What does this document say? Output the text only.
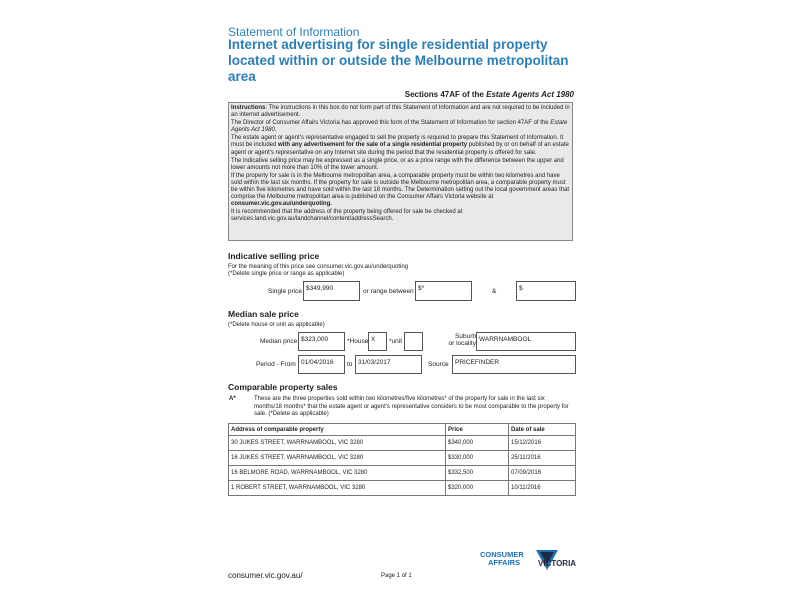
Statement of Information
Internet advertising for single residential property located within or outside the Melbourne metropolitan area
Sections 47AF of the Estate Agents Act 1980

Instructions: The instructions in this box do not form part of this Statement of Information and are not required to be included in an internet advertisement.

The Director of Consumer Affairs Victoria has approved this form of the Statement of Information for section 47AF of the Estate Agents Act 1980.

The estate agent or agent's representative engaged to sell the property is required to prepare this Statement of Information. It must be included with any advertisement for the sale of a single residential property published by or on behalf of an estate agent or agent's representative on any Internet site during the period that the residential property is offered for sale.

The indicative selling price may be expressed as a single price, or as a price range with the difference between the upper and lower amounts not more than 10% of the lower amount.

If the property for sale is in the Melbourne metropolitan area, a comparable property must be within two kilometres and have sold within the last six months. If the property for sale is outside the Melbourne metropolitan area, a comparable property must be within five kilometres and have sold within the last 18 months. The Determination setting out the local government areas that comprise the Melbourne metropolitan area is published on the Consumer Affairs Victoria website at consumer.vic.gov.au/underquoting.

It is recommended that the address of the property being offered for sale be checked at services.land.vic.gov.au/landchannel/content/addressSearch.

Indicative selling price
For the meaning of this price see consumer.vic.gov.au/underquoting
(*Delete single price or range as applicable)
Single price $349,990	or range between $*	&	$
Median sale price
(*Delete house or unit as applicable)
Median price $323,000	*House X	*unit
Suburb
or locality
WARRNAMBOOL
Period - From 01/04/2016	to 31/03/2017	Source PRICEFINDER
Comparable property sales
A*	These are the three properties sold within two kilometres/five kilometres* of the property for sale in the last six months/18 months* that the estate agent or agent's representative considers to be most comparable to the property for sale. (*Delete as applicable)
Address of comparable property	Price	Date of sale
30 JUKES STREET, WARRNAMBOOL, VIC 3280	$340,000	15/12/2016
16 JUKES STREET, WARRNAMBOOL, VIC 3280	$330,000	25/11/2016
16 BELMORE ROAD, WARRNAMBOOL, VIC 3280	$332,500	07/09/2016
1 ROBERT STREET, WARRNAMBOOL, VIC 3280	$320,000	10/11/2016
CONSUMER
AFFAIRS	VICTORIA
consumer.vic.gov.au/	Page 1 of 1
